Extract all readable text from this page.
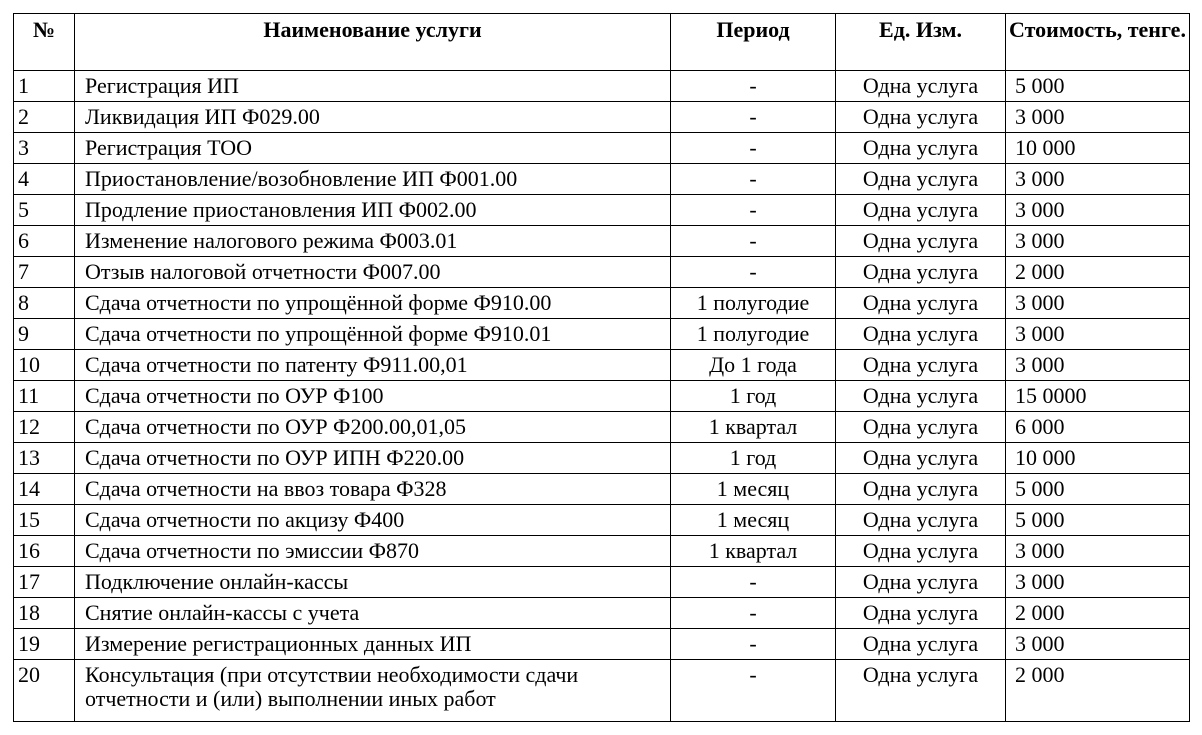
№	Наименование услуги	Период	Ед. Изм.	Стоимость, тенге.
1	Регистрация ИП	-	Одна услуга	5 000
2	Ликвидация ИП Ф029.00	-	Одна услуга	3 000
3	Регистрация ТОО	-	Одна услуга	10 000
4	Приостановление/возобновление ИП Ф001.00	-	Одна услуга	3 000
5	Продление приостановления ИП Ф002.00	-	Одна услуга	3 000
6	Изменение налогового режима Ф003.01	-	Одна услуга	3 000
7	Отзыв налоговой отчетности Ф007.00	-	Одна услуга	2 000
8	Сдача отчетности по упрощённой форме Ф910.00	1 полугодие	Одна услуга	3 000
9	Сдача отчетности по упрощённой форме Ф910.01	1 полугодие	Одна услуга	3 000
10	Сдача отчетности по патенту Ф911.00,01	До 1 года	Одна услуга	3 000
11	Сдача отчетности по ОУР Ф100	1 год	Одна услуга	15 0000
12	Сдача отчетности по ОУР Ф200.00,01,05	1 квартал	Одна услуга	6 000
13	Сдача отчетности по ОУР ИПН Ф220.00	1 год	Одна услуга	10 000
14	Сдача отчетности на ввоз товара Ф328	1 месяц	Одна услуга	5 000
15	Сдача отчетности по акцизу Ф400	1 месяц	Одна услуга	5 000
16	Сдача отчетности по эмиссии Ф870	1 квартал	Одна услуга	3 000
17	Подключение онлайн-кассы	-	Одна услуга	3 000
18	Снятие онлайн-кассы с учета	-	Одна услуга	2 000
19	Измерение регистрационных данных ИП	-	Одна услуга	3 000
20	Консультация (при отсутствии необходимости сдачи отчетности и (или) выполнении иных работ	-	Одна услуга	2 000
